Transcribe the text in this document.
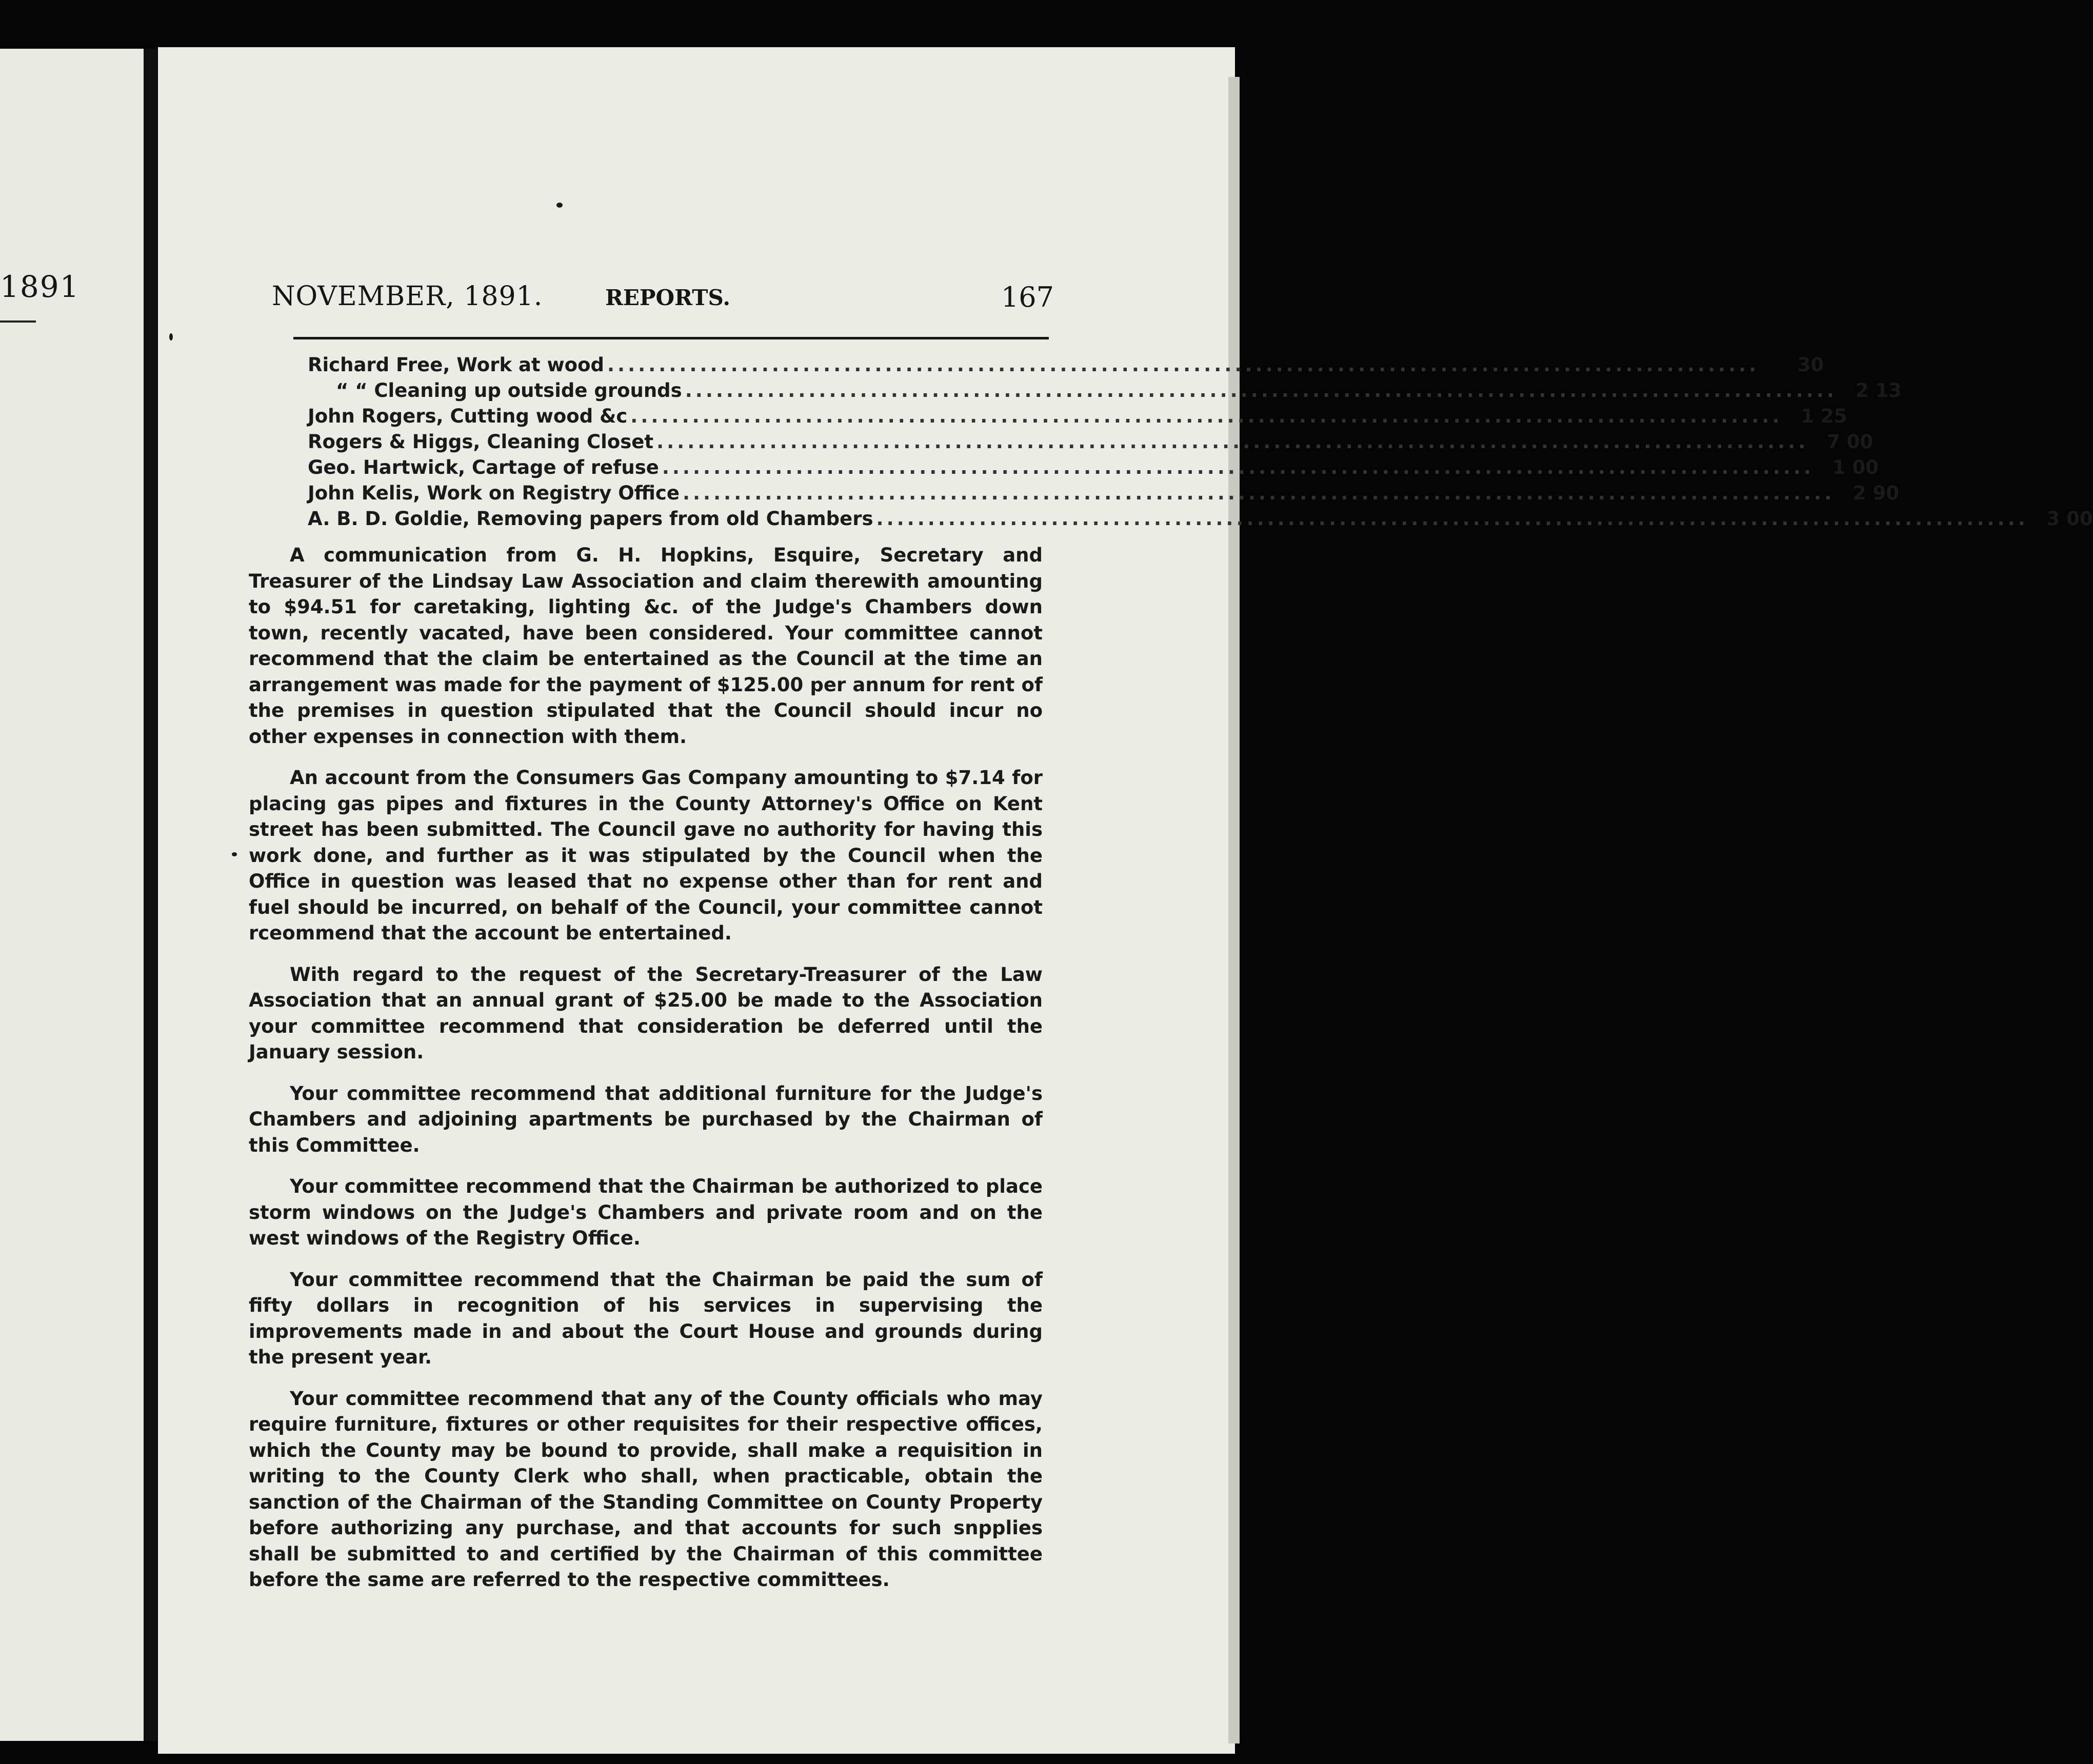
1891	NOVEMBER, 1891.	REPORTS.	167
Richard Free, Work at wood ................................................................................................................	30
“ “ Cleaning up outside grounds ................................................................................................................ 2 13
John Rogers, Cutting wood &c ................................................................................................................ 1 25
Rogers & Higgs, Cleaning Closet ................................................................................................................ 7 00
Geo. Hartwick, Cartage of refuse ................................................................................................................ 1 00
John Kelis, Work on Registry Office ................................................................................................................ 2 90
A. B. D. Goldie, Removing papers from old Chambers ................................................................................................................ 3 00

A communication from G. H. Hopkins, Esquire, Secretary and Treasurer of the Lindsay Law Association and claim therewith amounting to $94.51 for caretaking, lighting &c. of the Judge's Chambers down town, recently vacated, have been considered. Your committee cannot recommend that the claim be entertained as the Council at the time an arrangement was made for the payment of $125.00 per annum for rent of the premises in question stipulated that the Council should incur no other expenses in connection with them.

An account from the Consumers Gas Company amounting to $7.14 for placing gas pipes and fixtures in the County Attorney's Office on Kent street has been submitted. The Council gave no authority for having this work done, and further as it was stipulated by the Council when the Office in question was leased that no expense other than for rent and fuel should be incurred, on behalf of the Council, your committee cannot rceommend that the account be entertained.

With regard to the request of the Secretary-Treasurer of the Law Association that an annual grant of $25.00 be made to the Association your committee recommend that consideration be deferred until the January session.

Your committee recommend that additional furniture for the Judge's Chambers and adjoining apartments be purchased by the Chairman of this Committee.

Your committee recommend that the Chairman be authorized to place storm windows on the Judge's Chambers and private room and on the west windows of the Registry Office.

Your committee recommend that the Chairman be paid the sum of fifty dollars in recognition of his services in supervising the improvements made in and about the Court House and grounds during the present year.

Your committee recommend that any of the County officials who may require furniture, fixtures or other requisites for their respective offices, which the County may be bound to provide, shall make a requisition in writing to the County Clerk who shall, when practicable, obtain the sanction of the Chairman of the Standing Committee on County Property before authorizing any purchase, and that accounts for such snpplies shall be submitted to and certified by the Chairman of this committee before the same are referred to the respective committees.
